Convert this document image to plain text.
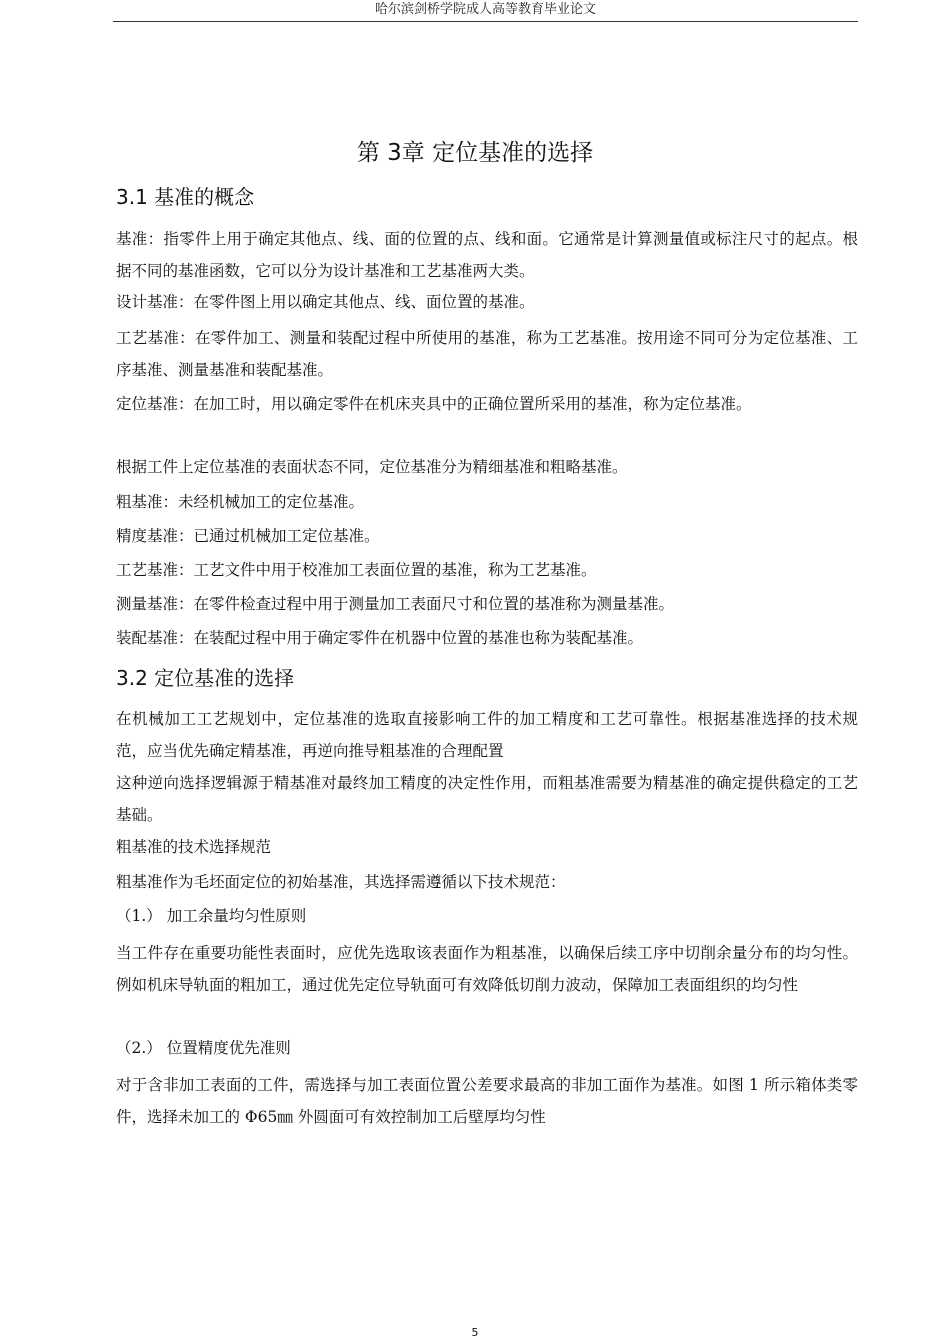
哈尔滨剑桥学院成人高等教育毕业论文
第 3章 定位基准的选择
3.1 基准的概念
基准：指零件上用于确定其他点、线、面的位置的点、线和面。它通常是计算测量值或标注尺寸的起点。根据不同的基准函数，它可以分为设计基准和工艺基准两大类。
设计基准：在零件图上用以确定其他点、线、面位置的基准。
工艺基准：在零件加工、测量和装配过程中所使用的基准，称为工艺基准。按用途不同可分为定位基准、工序基准、测量基准和装配基准。
定位基准：在加工时，用以确定零件在机床夹具中的正确位置所采用的基准，称为定位基准。
根据工件上定位基准的表面状态不同，定位基准分为精细基准和粗略基准。
粗基准：未经机械加工的定位基准。
精度基准：已通过机械加工定位基准。
工艺基准：工艺文件中用于校准加工表面位置的基准，称为工艺基准。
测量基准：在零件检查过程中用于测量加工表面尺寸和位置的基准称为测量基准。
装配基准：在装配过程中用于确定零件在机器中位置的基准也称为装配基准。
3.2 定位基准的选择
在机械加工工艺规划中，定位基准的选取直接影响工件的加工精度和工艺可靠性。根据基准选择的技术规范，应当优先确定精基准，再逆向推导粗基准的合理配置
这种逆向选择逻辑源于精基准对最终加工精度的决定性作用，而粗基准需要为精基准的确定提供稳定的工艺基础。
粗基准的技术选择规范
粗基准作为毛坯面定位的初始基准，其选择需遵循以下技术规范：
（1.） 加工余量均匀性原则
当工件存在重要功能性表面时，应优先选取该表面作为粗基准，以确保后续工序中切削余量分布的均匀性。例如机床导轨面的粗加工，通过优先定位导轨面可有效降低切削力波动，保障加工表面组织的均匀性
（2.） 位置精度优先准则
对于含非加工表面的工件，需选择与加工表面位置公差要求最高的非加工面作为基准。如图 1 所示箱体类零件，选择未加工的 Φ65㎜ 外圆面可有效控制加工后壁厚均匀性
5
